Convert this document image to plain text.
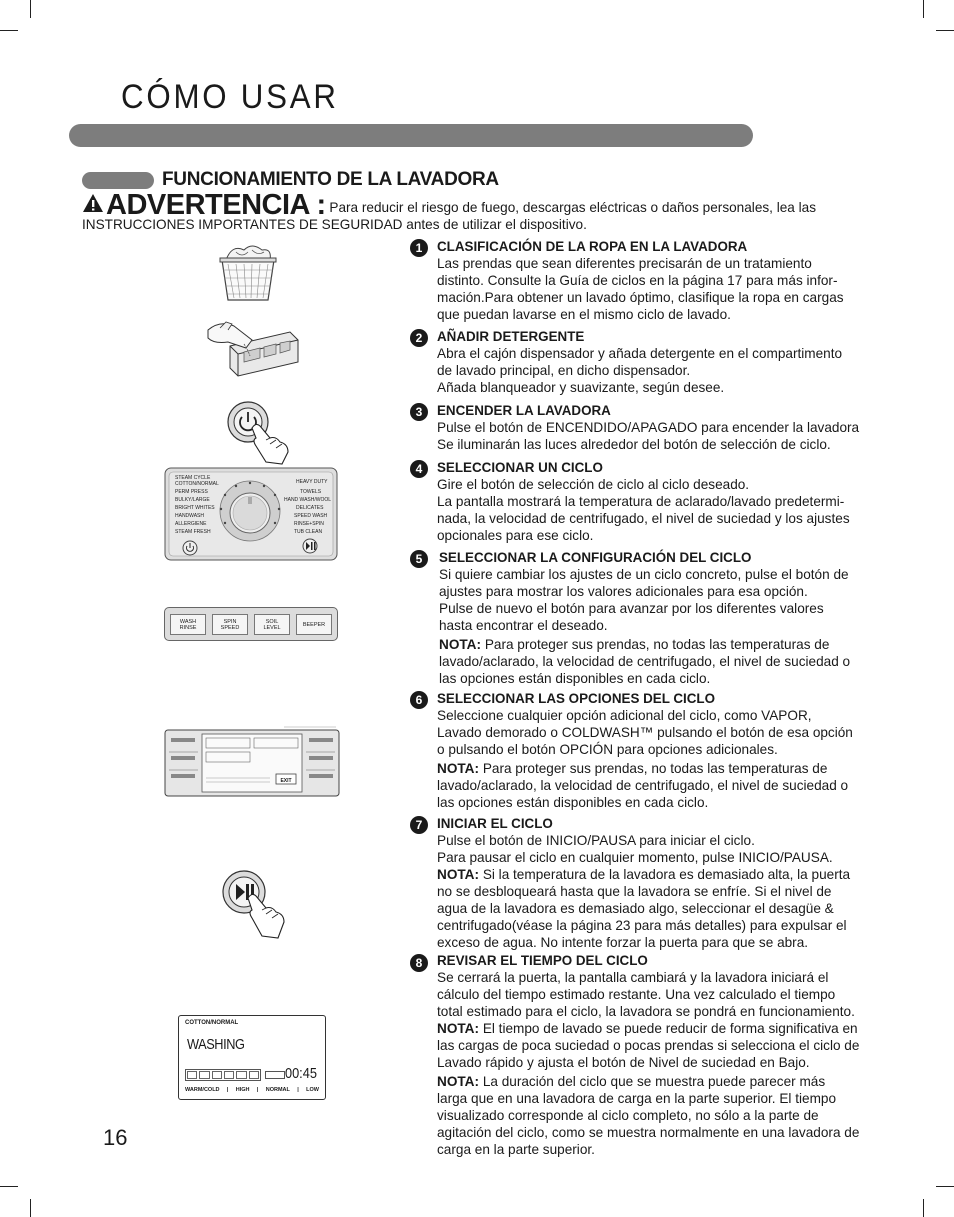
CÓMO USAR
FUNCIONAMIENTO DE LA LAVADORA
ADVERTENCIA : Para reducir el riesgo de fuego, descargas eléctricas o daños personales, lea las INSTRUCCIONES IMPORTANTES DE SEGURIDAD antes de utilizar el dispositivo.
1	CLASIFICACIÓN DE LA ROPA EN LA LAVADORA
Las prendas que sean diferentes precisarán de un tratamiento
distinto. Consulte la Guía de ciclos en la página 17 para más infor-
mación.Para obtener un lavado óptimo, clasifique la ropa en cargas
que puedan lavarse en el mismo ciclo de lavado.
2	AÑADIR DETERGENTE
Abra el cajón dispensador y añada detergente en el compartimento
de lavado principal, en dicho dispensador.
Añada blanqueador y suavizante, según desee.
3	ENCENDER LA LAVADORA
Pulse el botón de ENCENDIDO/APAGADO para encender la lavadora
Se iluminarán las luces alrededor del botón de selección de ciclo.
4	SELECCIONAR UN CICLO
Gire el botón de selección de ciclo al ciclo deseado.
La pantalla mostrará la temperatura de aclarado/lavado predetermi-
nada, la velocidad de centrifugado, el nivel de suciedad y los ajustes
opcionales para ese ciclo.
5	SELECCIONAR LA CONFIGURACIÓN DEL CICLO
Si quiere cambiar los ajustes de un ciclo concreto, pulse el botón de
ajustes para mostrar los valores adicionales para esa opción.
Pulse de nuevo el botón para avanzar por los diferentes valores
hasta encontrar el deseado.
NOTA: Para proteger sus prendas, no todas las temperaturas de
lavado/aclarado, la velocidad de centrifugado, el nivel de suciedad o
las opciones están disponibles en cada ciclo.
6	SELECCIONAR LAS OPCIONES DEL CICLO
Seleccione cualquier opción adicional del ciclo, como VAPOR,
Lavado demorado o COLDWASH™ pulsando el botón de esa opción
o pulsando el botón OPCIÓN para opciones adicionales.
NOTA: Para proteger sus prendas, no todas las temperaturas de
lavado/aclarado, la velocidad de centrifugado, el nivel de suciedad o
las opciones están disponibles en cada ciclo.
7	INICIAR EL CICLO
Pulse el botón de INICIO/PAUSA para iniciar el ciclo.
Para pausar el ciclo en cualquier momento, pulse INICIO/PAUSA.
NOTA: Si la temperatura de la lavadora es demasiado alta, la puerta
no se desbloqueará hasta que la lavadora se enfríe. Si el nivel de
agua de la lavadora es demasiado algo, seleccionar el desagüe &
centrifugado(véase la página 23 para más detalles) para expulsar el
exceso de agua. No intente forzar la puerta para que se abra.
8	REVISAR EL TIEMPO DEL CICLO
Se cerrará la puerta, la pantalla cambiará y la lavadora iniciará el
cálculo del tiempo estimado restante. Una vez calculado el tiempo
total estimado para el ciclo, la lavadora se pondrá en funcionamiento.
NOTA: El tiempo de lavado se puede reducir de forma significativa en
las cargas de poca suciedad o pocas prendas si selecciona el ciclo de
Lavado rápido y ajusta el botón de Nivel de suciedad en Bajo.
NOTA: La duración del ciclo que se muestra puede parecer más
larga que en una lavadora de carga en la parte superior. El tiempo
visualizado corresponde al ciclo completo, no sólo a la parte de
agitación del ciclo, como se muestra normalmente en una lavadora de
carga en la parte superior.
STEAM CYCLE
COTTON/NORMAL
PERM PRESS
BULKY/LARGE
BRIGHT WHITES
HANDWASH
ALLERGIENE
STEAM FRESH
HEAVY DUTY
TOWELS
HAND WASH/WOOL
DELICATES
SPEED WASH
RINSE+SPIN
TUB CLEAN
WASH
RINSE
SPIN
SPEED
SOIL
LEVEL	BEEPER
EXIT
COTTON/NORMAL
WASHING
00:45
WARM/COLD | HIGH | NORMAL | LOW
16
